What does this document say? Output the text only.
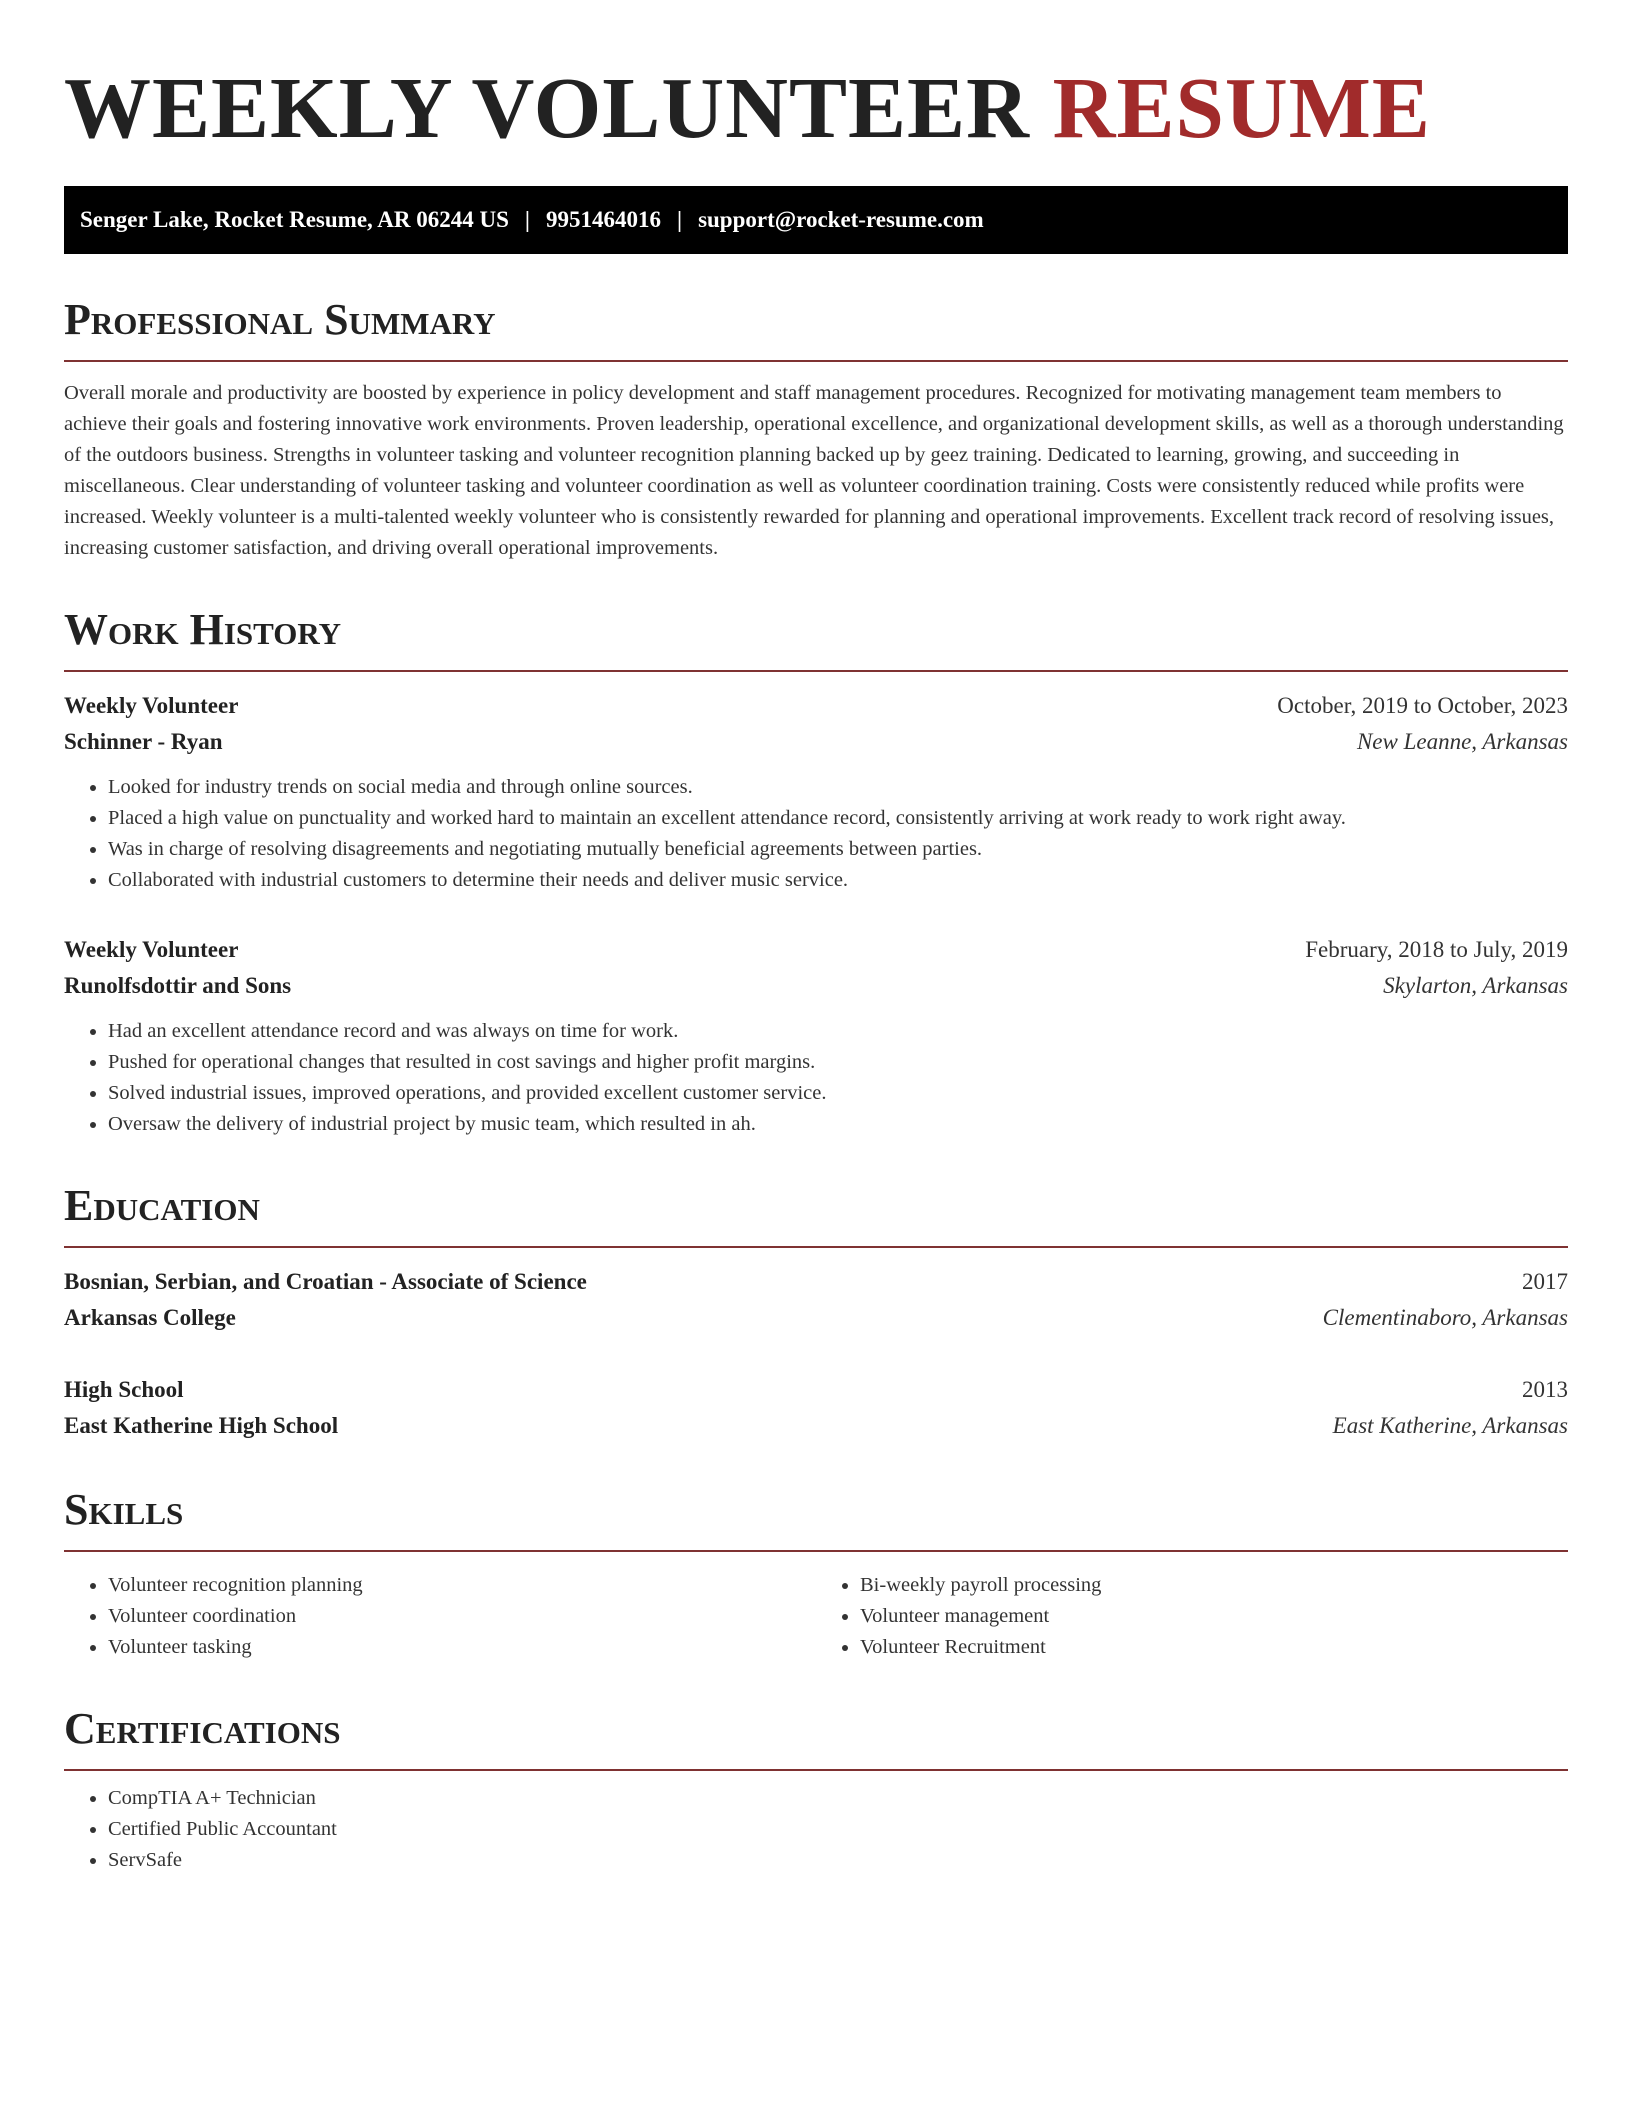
WEEKLY VOLUNTEER RESUME
Senger Lake, Rocket Resume, AR 06244 US | 9951464016 | support@rocket-resume.com
Professional Summary

Overall morale and productivity are boosted by experience in policy development and staff management procedures. Recognized for motivating management team members to achieve their goals and fostering innovative work environments. Proven leadership, operational excellence, and organizational development skills, as well as a thorough understanding of the outdoors business. Strengths in volunteer tasking and volunteer recognition planning backed up by geez training. Dedicated to learning, growing, and succeeding in miscellaneous. Clear understanding of volunteer tasking and volunteer coordination as well as volunteer coordination training. Costs were consistently reduced while profits were increased. Weekly volunteer is a multi-talented weekly volunteer who is consistently rewarded for planning and operational improvements. Excellent track record of resolving issues, increasing customer satisfaction, and driving overall operational improvements.

Work History
Weekly Volunteer	October, 2019 to October, 2023
Schinner - Ryan	New Leanne, Arkansas
• Looked for industry trends on social media and through online sources.
• Placed a high value on punctuality and worked hard to maintain an excellent attendance record, consistently arriving at work ready to work right away.
• Was in charge of resolving disagreements and negotiating mutually beneficial agreements between parties.
• Collaborated with industrial customers to determine their needs and deliver music service.
Weekly Volunteer	February, 2018 to July, 2019
Runolfsdottir and Sons	Skylarton, Arkansas
• Had an excellent attendance record and was always on time for work.
• Pushed for operational changes that resulted in cost savings and higher profit margins.
• Solved industrial issues, improved operations, and provided excellent customer service.
• Oversaw the delivery of industrial project by music team, which resulted in ah.
Education
Bosnian, Serbian, and Croatian - Associate of Science	2017
Arkansas College	Clementinaboro, Arkansas
High School	2013
East Katherine High School	East Katherine, Arkansas
Skills
• Volunteer recognition planning
• Volunteer coordination
• Volunteer tasking
• Bi-weekly payroll processing
• Volunteer management
• Volunteer Recruitment
Certifications
• CompTIA A+ Technician
• Certified Public Accountant
• ServSafe
